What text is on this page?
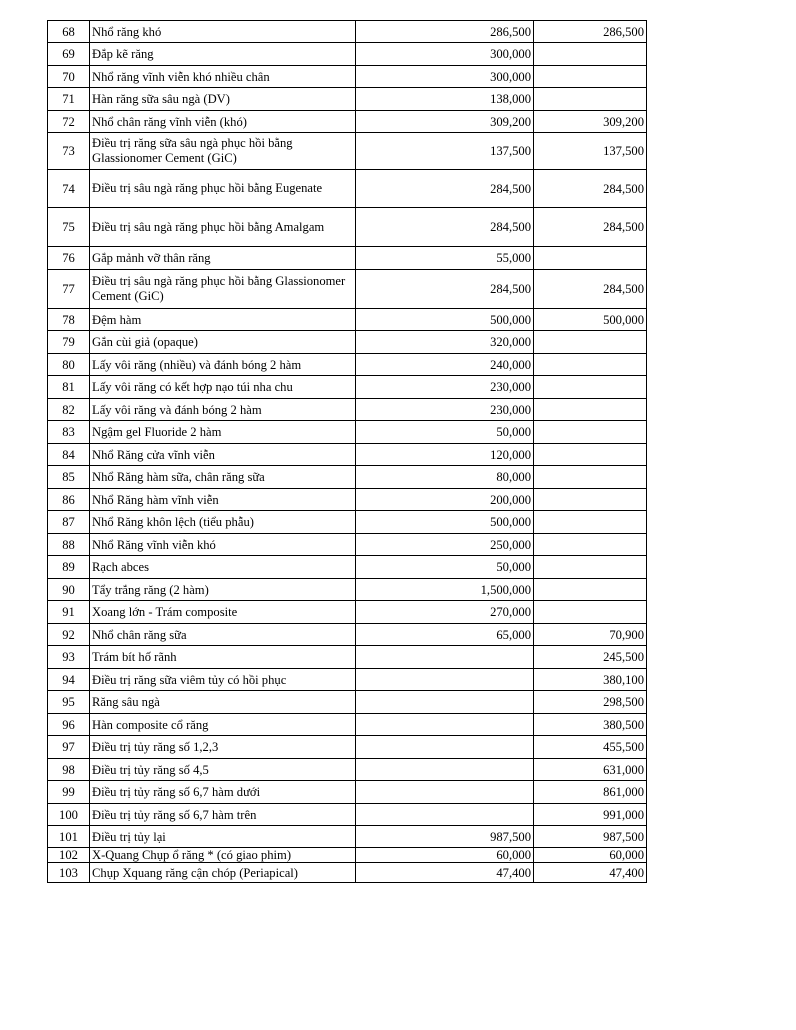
68	Nhổ răng khó	286,500	286,500
69	Đắp kẽ răng	300,000	
70	Nhổ răng vĩnh viễn khó nhiều chân	300,000	
71	Hàn răng sữa sâu ngà (DV)	138,000	
72	Nhổ chân răng vĩnh viễn (khó)	309,200	309,200
73	Điều trị răng sữa sâu ngà phục hồi bằng Glassionomer Cement (GiC)	137,500	137,500
74	Điều trị sâu ngà răng phục hồi bằng Eugenate	284,500	284,500
75	Điều trị sâu ngà răng phục hồi bằng Amalgam	284,500	284,500
76	Gắp mảnh vỡ thân răng	55,000	
77	Điều trị sâu ngà răng phục hồi bằng Glassionomer Cement (GiC)	284,500	284,500
78	Đệm hàm	500,000	500,000
79	Gắn cùi giả (opaque)	320,000	
80	Lấy vôi răng (nhiều) và đánh bóng 2 hàm	240,000	
81	Lấy vôi răng có kết hợp nạo túi nha chu	230,000	
82	Lấy vôi răng và đánh bóng 2 hàm	230,000	
83	Ngậm gel Fluoride 2 hàm	50,000	
84	Nhổ Răng cửa vĩnh viễn	120,000	
85	Nhổ Răng hàm sữa, chân răng sữa	80,000	
86	Nhổ Răng hàm vĩnh viễn	200,000	
87	Nhổ Răng khôn lệch (tiểu phẫu)	500,000	
88	Nhổ Răng vĩnh viễn khó	250,000	
89	Rạch abces	50,000	
90	Tẩy trắng răng (2 hàm)	1,500,000	
91	Xoang lớn - Trám composite	270,000	
92	Nhổ chân răng sữa	65,000	70,900
93	Trám bít hố rãnh		245,500
94	Điều trị răng sữa viêm tủy có hồi phục		380,100
95	Răng sâu ngà		298,500
96	Hàn composite cổ răng		380,500
97	Điều trị tủy răng số 1,2,3		455,500
98	Điều trị tủy răng số 4,5		631,000
99	Điều trị tủy răng số 6,7 hàm dưới		861,000
100	Điều trị tủy răng số 6,7 hàm trên		991,000
101	Điều trị tủy lại	987,500	987,500
102	X-Quang Chụp ổ răng * (có giao phim)	60,000	60,000
103	Chụp Xquang răng cận chóp (Periapical)	47,400	47,400
